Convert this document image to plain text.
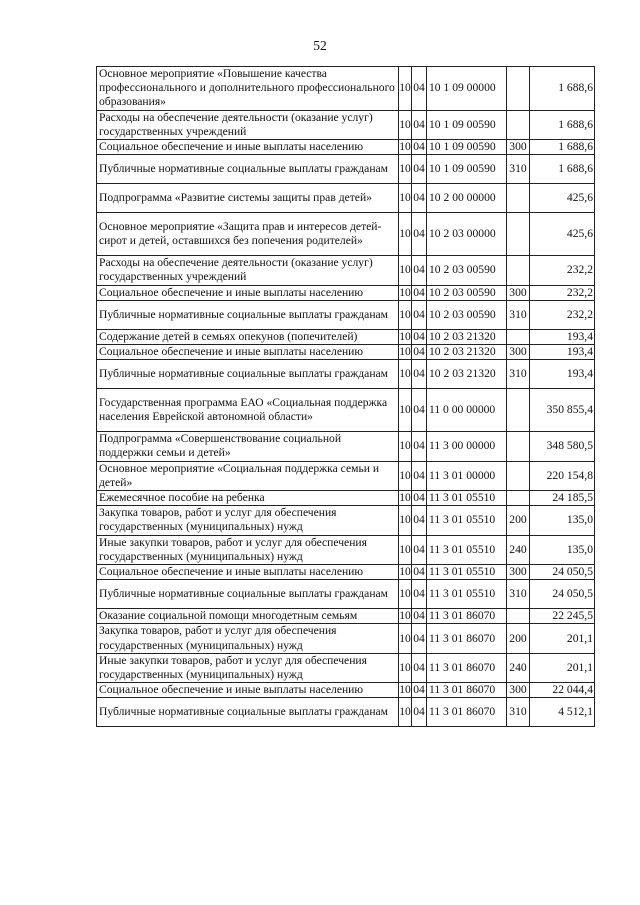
52
Основное мероприятие «Повышение качества профессионального и дополнительного профессионального образования»	10	04	10 1 09 00000		1 688,6
Расходы на обеспечение деятельности (оказание услуг) государственных учреждений	10	04	10 1 09 00590		1 688,6
Социальное обеспечение и иные выплаты населению	10	04	10 1 09 00590	300	1 688,6
Публичные нормативные социальные выплаты гражданам	10	04	10 1 09 00590	310	1 688,6
Подпрограмма «Развитие системы защиты прав детей»	10	04	10 2 00 00000		425,6
Основное мероприятие «Защита прав и интересов детей-сирот и детей, оставшихся без попечения родителей»	10	04	10 2 03 00000		425,6
Расходы на обеспечение деятельности (оказание услуг) государственных учреждений	10	04	10 2 03 00590		232,2
Социальное обеспечение и иные выплаты населению	10	04	10 2 03 00590	300	232,2
Публичные нормативные социальные выплаты гражданам	10	04	10 2 03 00590	310	232,2
Содержание детей в семьях опекунов (попечителей)	10	04	10 2 03 21320		193,4
Социальное обеспечение и иные выплаты населению	10	04	10 2 03 21320	300	193,4
Публичные нормативные социальные выплаты гражданам	10	04	10 2 03 21320	310	193,4
Государственная программа ЕАО «Социальная поддержка населения Еврейской автономной области»	10	04	11 0 00 00000		350 855,4
Подпрограмма «Совершенствование социальной поддержки семьи и детей»	10	04	11 3 00 00000		348 580,5
Основное мероприятие «Социальная поддержка семьи и детей»	10	04	11 3 01 00000		220 154,8
Ежемесячное пособие на ребенка	10	04	11 3 01 05510		24 185,5
Закупка товаров, работ и услуг для обеспечения государственных (муниципальных) нужд	10	04	11 3 01 05510	200	135,0
Иные закупки товаров, работ и услуг для обеспечения государственных (муниципальных) нужд	10	04	11 3 01 05510	240	135,0
Социальное обеспечение и иные выплаты населению	10	04	11 3 01 05510	300	24 050,5
Публичные нормативные социальные выплаты гражданам	10	04	11 3 01 05510	310	24 050,5
Оказание социальной помощи многодетным семьям	10	04	11 3 01 86070		22 245,5
Закупка товаров, работ и услуг для обеспечения государственных (муниципальных) нужд	10	04	11 3 01 86070	200	201,1
Иные закупки товаров, работ и услуг для обеспечения государственных (муниципальных) нужд	10	04	11 3 01 86070	240	201,1
Социальное обеспечение и иные выплаты населению	10	04	11 3 01 86070	300	22 044,4
Публичные нормативные социальные выплаты гражданам	10	04	11 3 01 86070	310	4 512,1
